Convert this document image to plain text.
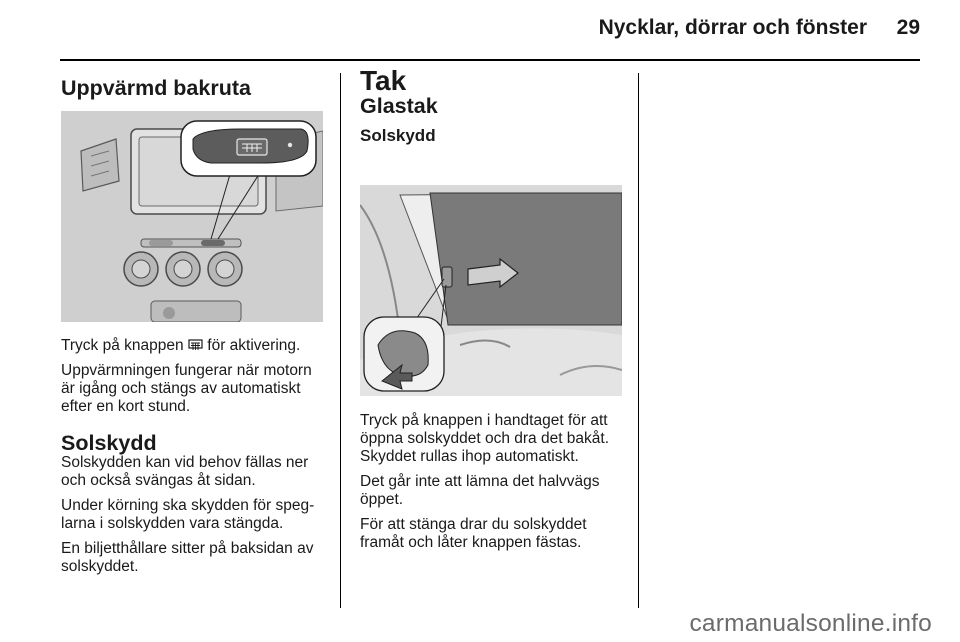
Nycklar, dörrar och fönster 29
Uppvärmd bakruta

Tryck på knappen för aktivering.

Uppvärmningen fungerar när motorn är igång och stängs av automatiskt efter en kort stund.

Solskydd

Solskydden kan vid behov fällas ner och också svängas åt sidan.

Under körning ska skydden för speg-larna i solskydden vara stängda.

En biljetthållare sitter på baksidan av solskyddet.

Tak
Glastak
Solskydd

Tryck på knappen i handtaget för att öppna solskyddet och dra det bakåt. Skyddet rullas ihop automatiskt.

Det går inte att lämna det halvvägs öppet.

För att stänga drar du solskyddet framåt och låter knappen fästas.

carmanualsonline.info
